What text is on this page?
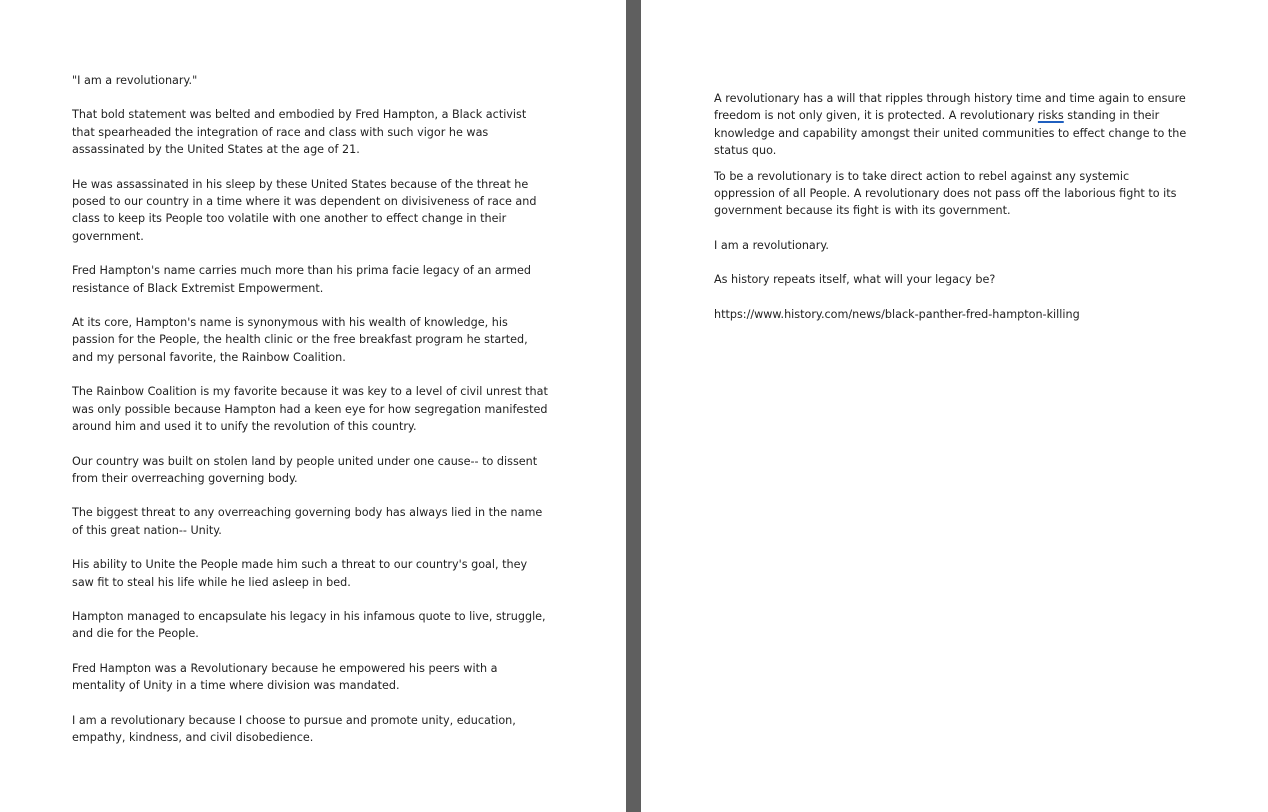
"I am a revolutionary."

That bold statement was belted and embodied by Fred Hampton, a Black activist that spearheaded the integration of race and class with such vigor he was assassinated by the United States at the age of 21.

He was assassinated in his sleep by these United States because of the threat he posed to our country in a time where it was dependent on divisiveness of race and class to keep its People too volatile with one another to effect change in their government.

Fred Hampton's name carries much more than his prima facie legacy of an armed resistance of Black Extremist Empowerment.

At its core, Hampton's name is synonymous with his wealth of knowledge, his passion for the People, the health clinic or the free breakfast program he started, and my personal favorite, the Rainbow Coalition.

The Rainbow Coalition is my favorite because it was key to a level of civil unrest that was only possible because Hampton had a keen eye for how segregation manifested around him and used it to unify the revolution of this country.

Our country was built on stolen land by people united under one cause-- to dissent from their overreaching governing body.

The biggest threat to any overreaching governing body has always lied in the name of this great nation-- Unity.

His ability to Unite the People made him such a threat to our country's goal, they saw fit to steal his life while he lied asleep in bed.

Hampton managed to encapsulate his legacy in his infamous quote to live, struggle, and die for the People.

Fred Hampton was a Revolutionary because he empowered his peers with a mentality of Unity in a time where division was mandated.

I am a revolutionary because I choose to pursue and promote unity, education, empathy, kindness, and civil disobedience.

A revolutionary has a will that ripples through history time and time again to ensure freedom is not only given, it is protected. A revolutionary risks standing in their knowledge and capability amongst their united communities to effect change to the status quo.

To be a revolutionary is to take direct action to rebel against any systemic oppression of all People. A revolutionary does not pass off the laborious fight to its government because its fight is with its government.

I am a revolutionary.

As history repeats itself, what will your legacy be?

https://www.history.com/news/black-panther-fred-hampton-killing
